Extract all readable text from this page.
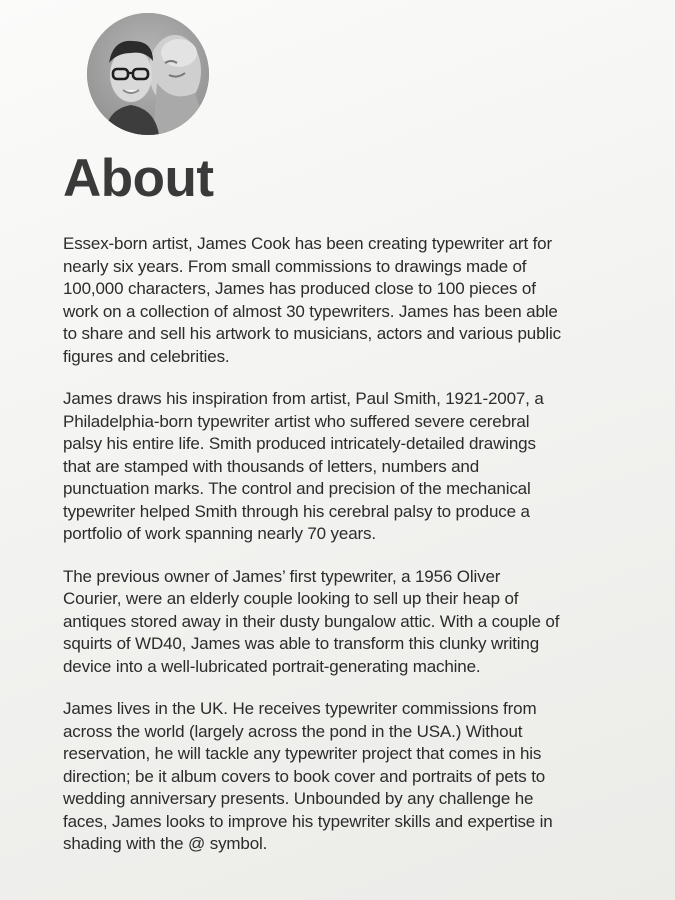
About

Essex-born artist, James Cook has been creating typewriter art for
nearly six years. From small commissions to drawings made of
100,000 characters, James has produced close to 100 pieces of
work on a collection of almost 30 typewriters. James has been able
to share and sell his artwork to musicians, actors and various public
figures and celebrities.

James draws his inspiration from artist, Paul Smith, 1921-2007, a
Philadelphia-born typewriter artist who suffered severe cerebral
palsy his entire life. Smith produced intricately-detailed drawings
that are stamped with thousands of letters, numbers and
punctuation marks. The control and precision of the mechanical
typewriter helped Smith through his cerebral palsy to produce a
portfolio of work spanning nearly 70 years.

The previous owner of James’ first typewriter, a 1956 Oliver
Courier, were an elderly couple looking to sell up their heap of
antiques stored away in their dusty bungalow attic. With a couple of
squirts of WD40, James was able to transform this clunky writing
device into a well-lubricated portrait-generating machine.

James lives in the UK. He receives typewriter commissions from
across the world (largely across the pond in the USA.) Without
reservation, he will tackle any typewriter project that comes in his
direction; be it album covers to book cover and portraits of pets to
wedding anniversary presents. Unbounded by any challenge he
faces, James looks to improve his typewriter skills and expertise in
shading with the @ symbol.
